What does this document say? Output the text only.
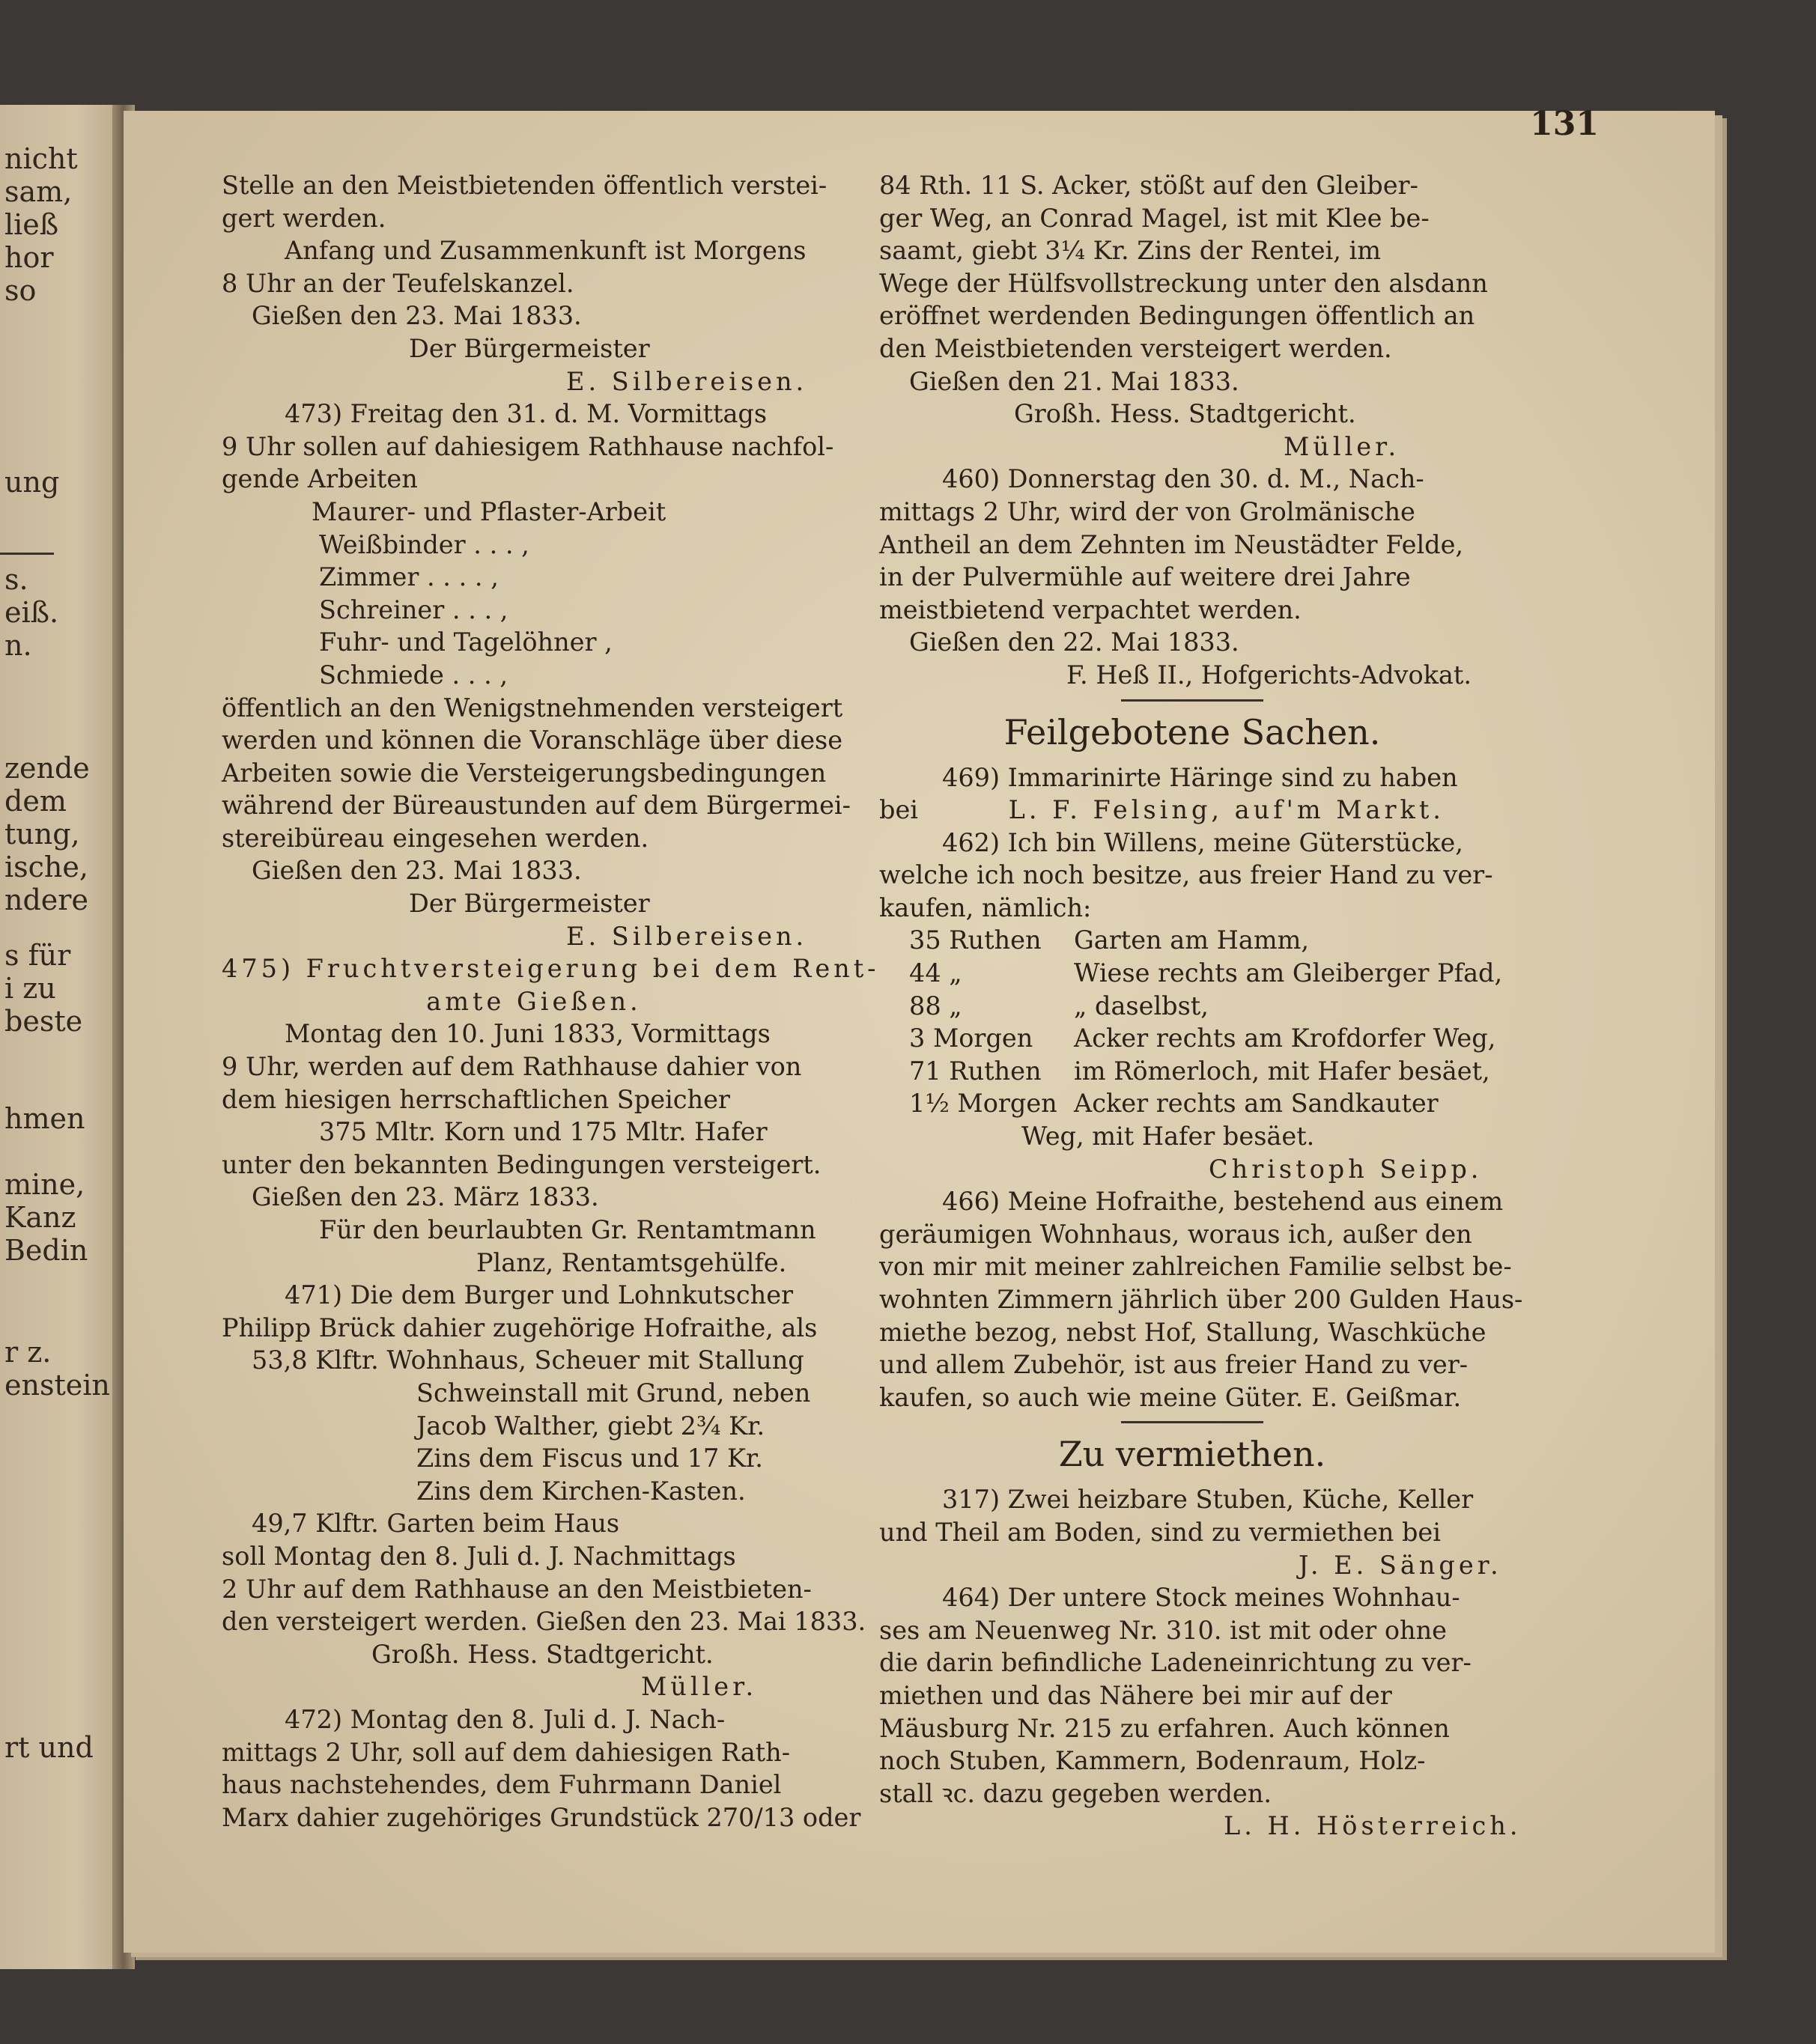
nicht
sam,
ließ
hor
so
ung
s.
eiß.
n.
zende
dem
tung,
ische,
ndere
s für
i zu
beste
hmen
mine,
Kanz
Bedin
r z.
enstein
rt und
131

Stelle an den Meistbietenden öffentlich verstei-
gert werden.
Anfang und Zusammenkunft ist Morgens
8 Uhr an der Teufelskanzel.
Gießen den 23. Mai 1833.
Der Bürgermeister
E. Silbereisen.

473) Freitag den 31. d. M. Vormittags
9 Uhr sollen auf dahiesigem Rathhause nachfol-
gende Arbeiten
Maurer- und Pflaster-Arbeit
Weißbinder . . . ,
Zimmer . . . . ,
Schreiner . . . ,
Fuhr- und Tagelöhner ,
Schmiede . . . ,
öffentlich an den Wenigstnehmenden versteigert
werden und können die Voranschläge über diese
Arbeiten sowie die Versteigerungsbedingungen
während der Büreaustunden auf dem Bürgermei-
stereibüreau eingesehen werden.
Gießen den 23. Mai 1833.
Der Bürgermeister
E. Silbereisen.

475) Fruchtversteigerung bei dem Rent-
amte Gießen.
Montag den 10. Juni 1833, Vormittags
9 Uhr, werden auf dem Rathhause dahier von
dem hiesigen herrschaftlichen Speicher
375 Mltr. Korn und 175 Mltr. Hafer
unter den bekannten Bedingungen versteigert.
Gießen den 23. März 1833.
Für den beurlaubten Gr. Rentamtmann
Planz, Rentamtsgehülfe.

471) Die dem Burger und Lohnkutscher
Philipp Brück dahier zugehörige Hofraithe, als
53,8 Klftr. Wohnhaus, Scheuer mit Stallung
Schweinstall mit Grund, neben
Jacob Walther, giebt 2¾ Kr.
Zins dem Fiscus und 17 Kr.
Zins dem Kirchen-Kasten.
49,7 Klftr. Garten beim Haus
soll Montag den 8. Juli d. J. Nachmittags
2 Uhr auf dem Rathhause an den Meistbieten-
den versteigert werden. Gießen den 23. Mai 1833.
Großh. Hess. Stadtgericht.
Müller.

472) Montag den 8. Juli d. J. Nach-
mittags 2 Uhr, soll auf dem dahiesigen Rath-
haus nachstehendes, dem Fuhrmann Daniel
Marx dahier zugehöriges Grundstück 270/13 oder

84 Rth. 11 S. Acker, stößt auf den Gleiber-
ger Weg, an Conrad Magel, ist mit Klee be-
saamt, giebt 3¼ Kr. Zins der Rentei, im
Wege der Hülfsvollstreckung unter den alsdann
eröffnet werdenden Bedingungen öffentlich an
den Meistbietenden versteigert werden.
Gießen den 21. Mai 1833.
Großh. Hess. Stadtgericht.
Müller.

460) Donnerstag den 30. d. M., Nach-
mittags 2 Uhr, wird der von Grolmänische
Antheil an dem Zehnten im Neustädter Felde,
in der Pulvermühle auf weitere drei Jahre
meistbietend verpachtet werden.
Gießen den 22. Mai 1833.
F. Heß II., Hofgerichts-Advokat.

Feilgebotene Sachen.

469) Immarinirte Häringe sind zu haben
bei	L. F. Felsing, auf'm Markt.

462) Ich bin Willens, meine Güterstücke,
welche ich noch besitze, aus freier Hand zu ver-
kaufen, nämlich:
35 Ruthen	Garten am Hamm,
44 „	Wiese rechts am Gleiberger Pfad,
88 „	„ daselbst,
3 Morgen	Acker rechts am Krofdorfer Weg,
71 Ruthen	im Römerloch, mit Hafer besäet,
1½ Morgen Acker rechts am Sandkauter
Weg, mit Hafer besäet.
Christoph Seipp.

466) Meine Hofraithe, bestehend aus einem
geräumigen Wohnhaus, woraus ich, außer den
von mir mit meiner zahlreichen Familie selbst be-
wohnten Zimmern jährlich über 200 Gulden Haus-
miethe bezog, nebst Hof, Stallung, Waschküche
und allem Zubehör, ist aus freier Hand zu ver-
kaufen, so auch wie meine Güter. E. Geißmar.

Zu vermiethen.

317) Zwei heizbare Stuben, Küche, Keller
und Theil am Boden, sind zu vermiethen bei
J. E. Sänger.

464) Der untere Stock meines Wohnhau-
ses am Neuenweg Nr. 310. ist mit oder ohne
die darin befindliche Ladeneinrichtung zu ver-
miethen und das Nähere bei mir auf der
Mäusburg Nr. 215 zu erfahren. Auch können
noch Stuben, Kammern, Bodenraum, Holz-
stall ꝛc. dazu gegeben werden.
L. H. Hösterreich.
